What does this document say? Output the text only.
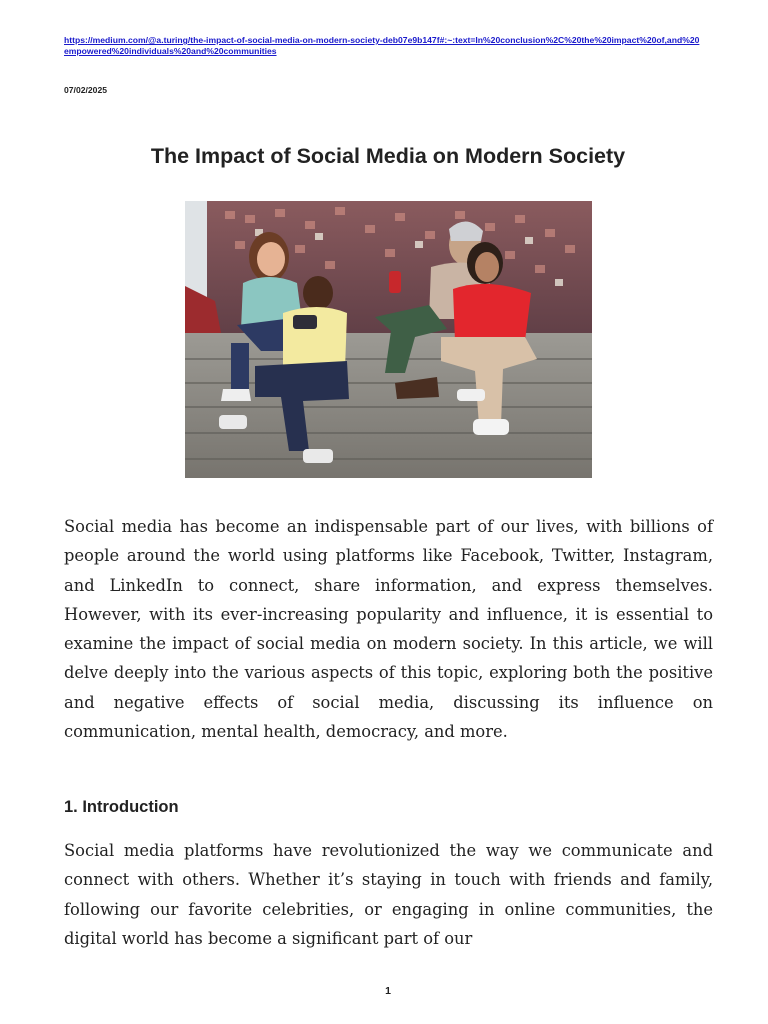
https://medium.com/@a.turing/the-impact-of-social-media-on-modern-society-deb07e9b147f#:~:text=In%20conclusion%2C%20the%20impact%20of,and%20empowered%20individuals%20and%20communities
07/02/2025
The Impact of Social Media on Modern Society

Social media has become an indispensable part of our lives, with billions of people around the world using platforms like Facebook, Twitter, Instagram, and LinkedIn to connect, share information, and express themselves. However, with its ever-increasing popularity and influence, it is essential to examine the impact of social media on modern society. In this article, we will delve deeply into the various aspects of this topic, exploring both the positive and negative effects of social media, discussing its influence on communication, mental health, democracy, and more.

1. Introduction

Social media platforms have revolutionized the way we communicate and connect with others. Whether it’s staying in touch with friends and family, following our favorite celebrities, or engaging in online communities, the digital world has become a significant part of our

1
